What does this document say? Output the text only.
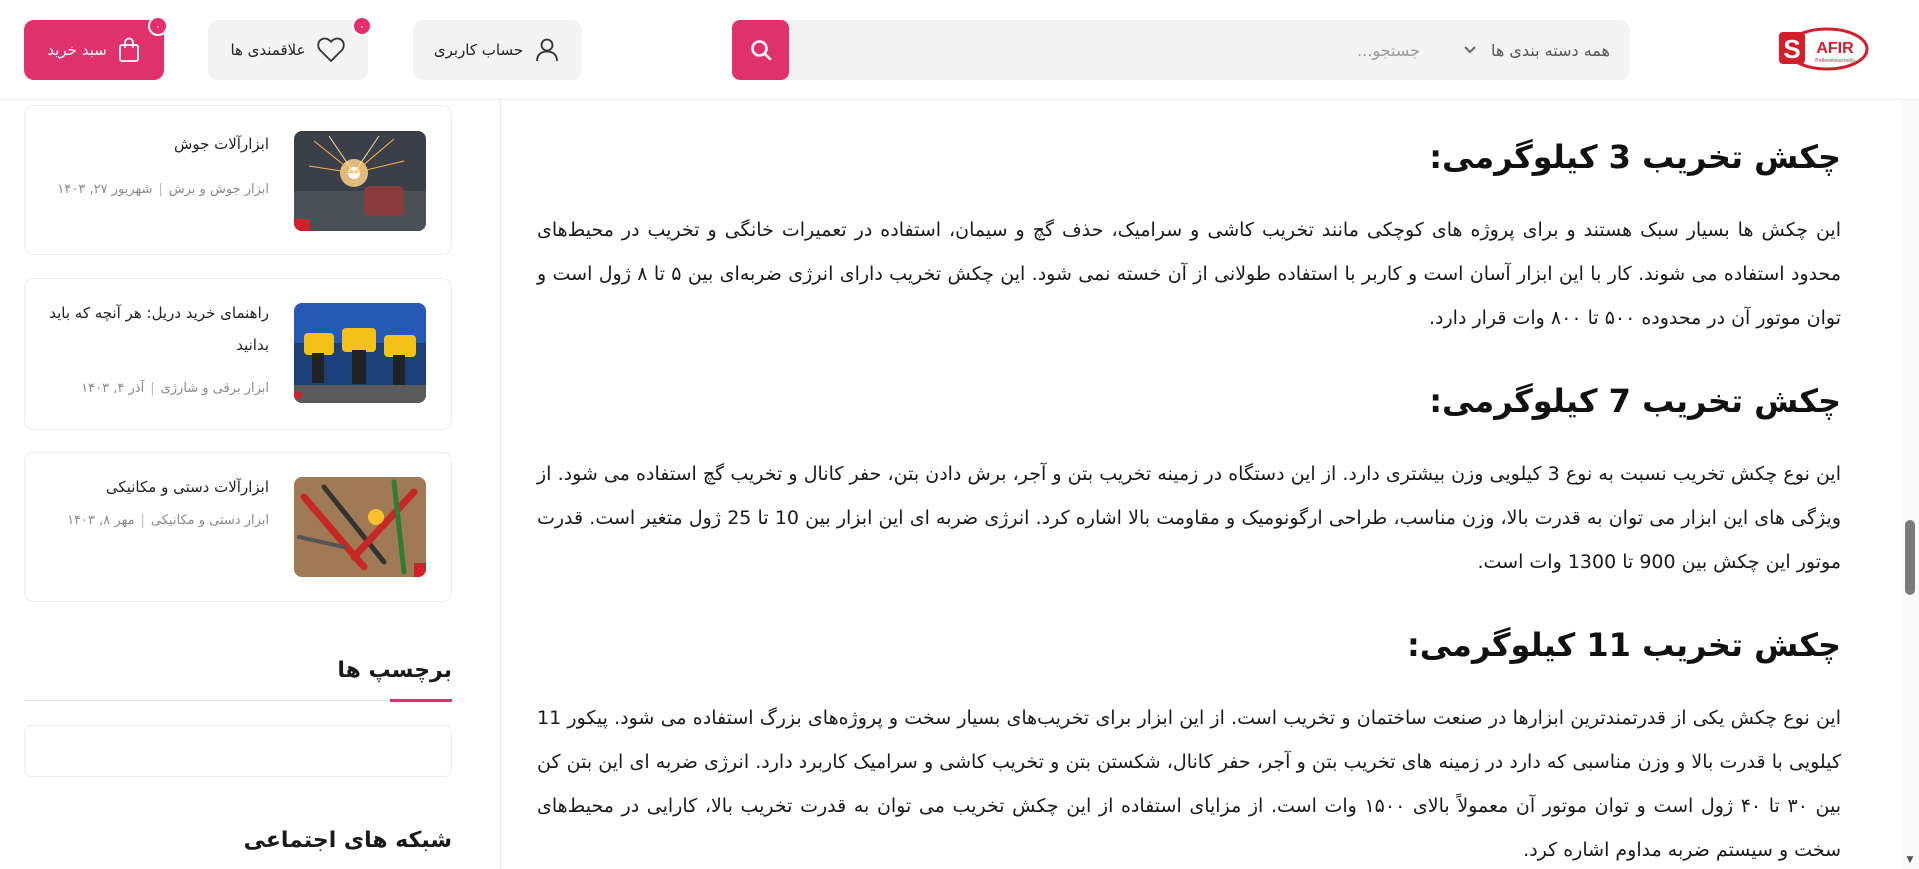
S AFIR
Professional tools
جستجو...
همه دسته بندی ها
حساب کاربری
علاقمندی ها
۰
سبد خرید
۰
ابزارآلات جوش
ابزار جوش و برش|شهریور ۲۷, ۱۴۰۳
راهنمای خرید دریل: هر آنچه که باید بدانید
ابزار برقی و شارژی|آذر ۴, ۱۴۰۳
ابزارآلات دستی و مکانیکی
ابزار دستی و مکانیکی|مهر ۸, ۱۴۰۳
برچسپ ها
شبکه های اجتماعی
چکش تخریب 3 کیلوگرمی:
این چکش ها بسیار سبک هستند و برای پروژه های کوچکی مانند تخریب کاشی و سرامیک، حذف گچ و سیمان، استفاده در تعمیرات خانگی و تخریب در محیط‌های محدود استفاده می شوند. کار با این ابزار آسان است و کاربر با استفاده طولانی از آن خسته نمی شود. این چکش تخریب دارای انرژی ضربه‌ای بین ۵ تا ۸ ژول است و توان موتور آن در محدوده ۵۰۰ تا ۸۰۰ وات قرار دارد.
چکش تخریب 7 کیلوگرمی:
این نوع چکش تخریب نسبت به نوع 3 کیلویی وزن بیشتری دارد. از این دستگاه در زمینه تخریب بتن و آجر، برش دادن بتن، حفر کانال و تخریب گچ استفاده می شود. از ویژگی های این ابزار می توان به قدرت بالا، وزن مناسب، طراحی ارگونومیک و مقاومت بالا اشاره کرد. انرژی ضربه ای این ابزار بین 10 تا 25 ژول متغیر است. قدرت موتور این چکش بین 900 تا 1300 وات است.
چکش تخریب 11 کیلوگرمی:
این نوع چکش یکی از قدرتمندترین ابزارها در صنعت ساختمان و تخریب است. از این ابزار برای تخریب‌های بسیار سخت و پروژه‌های بزرگ استفاده می شود. پیکور 11 کیلویی با قدرت بالا و وزن مناسبی که دارد در زمینه های تخریب بتن و آجر، حفر کانال، شکستن بتن و تخریب کاشی و سرامیک کاربرد دارد. انرژی ضربه ای این بتن کن بین ۳۰ تا ۴۰ ژول است و توان موتور آن معمولاً بالای ۱۵۰۰ وات است. از مزایای استفاده از این چکش تخریب می توان به قدرت تخریب بالا، کارایی در محیط‌های سخت و سیستم ضربه مداوم اشاره کرد.	▼
